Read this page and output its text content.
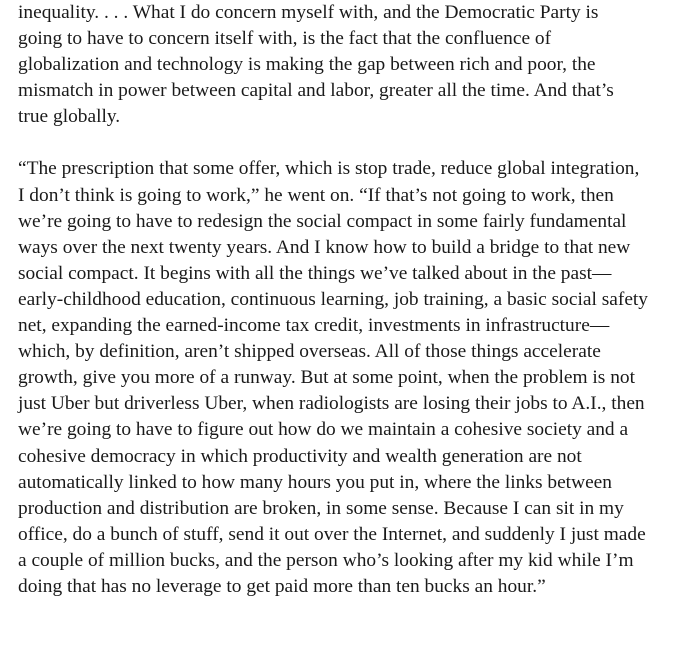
inequality. . . . What I do concern myself with, and the Democratic Party is
going to have to concern itself with, is the fact that the confluence of
globalization and technology is making the gap between rich and poor, the
mismatch in power between capital and labor, greater all the time. And that’s
true globally.
“The prescription that some offer, which is stop trade, reduce global integration,
I don’t think is going to work,” he went on. “If that’s not going to work, then
we’re going to have to redesign the social compact in some fairly fundamental
ways over the next twenty years. And I know how to build a bridge to that new
social compact. It begins with all the things we’ve talked about in the past—
early-childhood education, continuous learning, job training, a basic social safety
net, expanding the earned-income tax credit, investments in infrastructure—
which, by definition, aren’t shipped overseas. All of those things accelerate
growth, give you more of a runway. But at some point, when the problem is not
just Uber but driverless Uber, when radiologists are losing their jobs to A.I., then
we’re going to have to figure out how do we maintain a cohesive society and a
cohesive democracy in which productivity and wealth generation are not
automatically linked to how many hours you put in, where the links between
production and distribution are broken, in some sense. Because I can sit in my
office, do a bunch of stuff, send it out over the Internet, and suddenly I just made
a couple of million bucks, and the person who’s looking after my kid while I’m
doing that has no leverage to get paid more than ten bucks an hour.”
